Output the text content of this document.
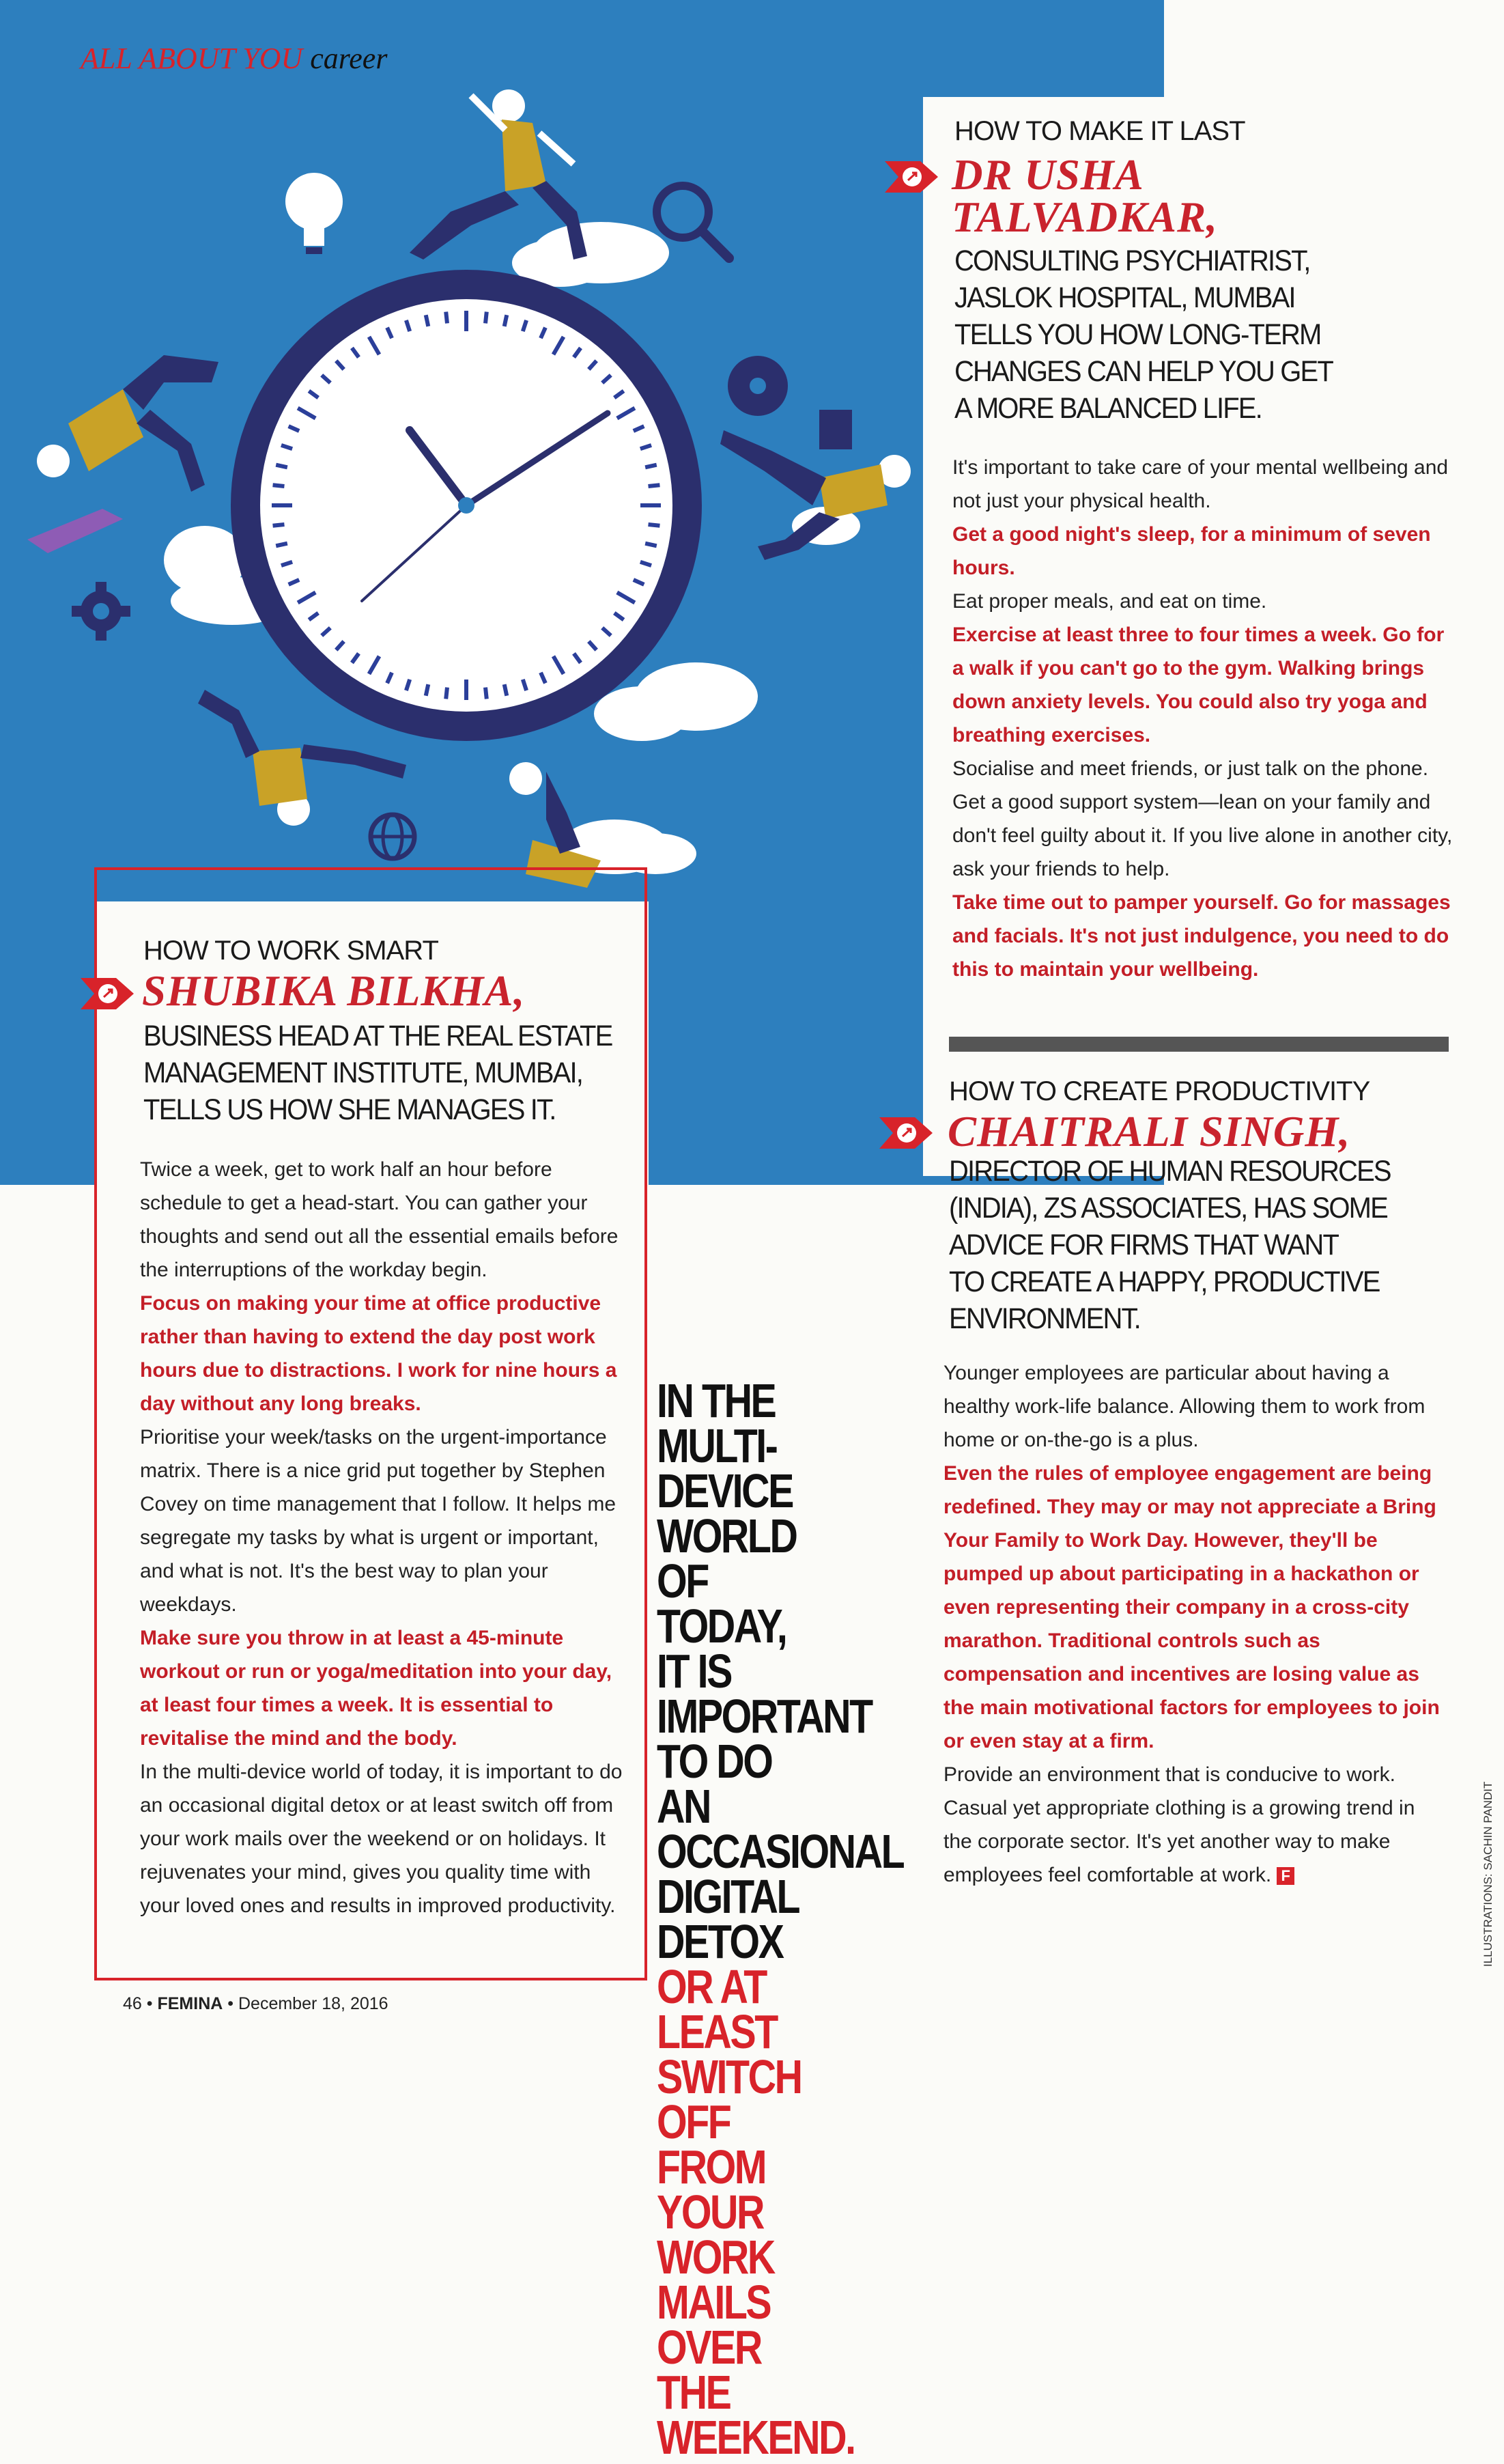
ALL ABOUT YOU career
HOW TO MAKE IT LAST
DR USHA
TALVADKAR,
CONSULTING PSYCHIATRIST,
JASLOK HOSPITAL, MUMBAI
TELLS YOU HOW LONG-TERM
CHANGES CAN HELP YOU GET
A MORE BALANCED LIFE.

It's important to take care of your mental wellbeing and not just your physical health.

Get a good night's sleep, for a minimum of seven hours.

Eat proper meals, and eat on time.

Exercise at least three to four times a week. Go for a walk if you can't go to the gym. Walking brings down anxiety levels. You could also try yoga and breathing exercises.

Socialise and meet friends, or just talk on the phone. Get a good support system—lean on your family and don't feel guilty about it. If you live alone in another city, ask your friends to help.

Take time out to pamper yourself. Go for massages and facials. It's not just indulgence, you need to do this to maintain your wellbeing.

HOW TO CREATE PRODUCTIVITY
CHAITRALI SINGH,
DIRECTOR OF HUMAN RESOURCES
(INDIA), ZS ASSOCIATES, HAS SOME
ADVICE FOR FIRMS THAT WANT
TO CREATE A HAPPY, PRODUCTIVE
ENVIRONMENT.

Younger employees are particular about having a healthy work-life balance. Allowing them to work from home or on-the-go is a plus.

Even the rules of employee engagement are being redefined. They may or may not appreciate a Bring Your Family to Work Day. However, they'll be pumped up about participating in a hackathon or even representing their company in a cross-city marathon. Traditional controls such as compensation and incentives are losing value as the main motivational factors for employees to join or even stay at a firm.

Provide an environment that is conducive to work. Casual yet appropriate clothing is a growing trend in the corporate sector. It's yet another way to make employees feel comfortable at work. F

HOW TO WORK SMART
SHUBIKA BILKHA,
BUSINESS HEAD AT THE REAL ESTATE
MANAGEMENT INSTITUTE, MUMBAI,
TELLS US HOW SHE MANAGES IT.

Twice a week, get to work half an hour before schedule to get a head-start. You can gather your thoughts and send out all the essential emails before the interruptions of the workday begin.

Focus on making your time at office productive rather than having to extend the day post work hours due to distractions. I work for nine hours a day without any long breaks.

Prioritise your week/tasks on the urgent-importance matrix. There is a nice grid put together by Stephen Covey on time management that I follow. It helps me segregate my tasks by what is urgent or important, and what is not. It's the best way to plan your weekdays.

Make sure you throw in at least a 45-minute workout or run or yoga/meditation into your day, at least four times a week. It is essential to revitalise the mind and the body.

In the multi-device world of today, it is important to do an occasional digital detox or at least switch off from your work mails over the weekend or on holidays. It rejuvenates your mind, gives you quality time with your loved ones and results in improved productivity.

IN THE MULTI-DEVICE WORLD OF TODAY, IT IS IMPORTANT TO DO AN OCCASIONAL DIGITAL DETOX OR AT LEAST SWITCH OFF FROM YOUR WORK MAILS OVER THE WEEKEND.
46 • FEMINA • December 18, 2016
ILLUSTRATIONS: SACHIN PANDIT
